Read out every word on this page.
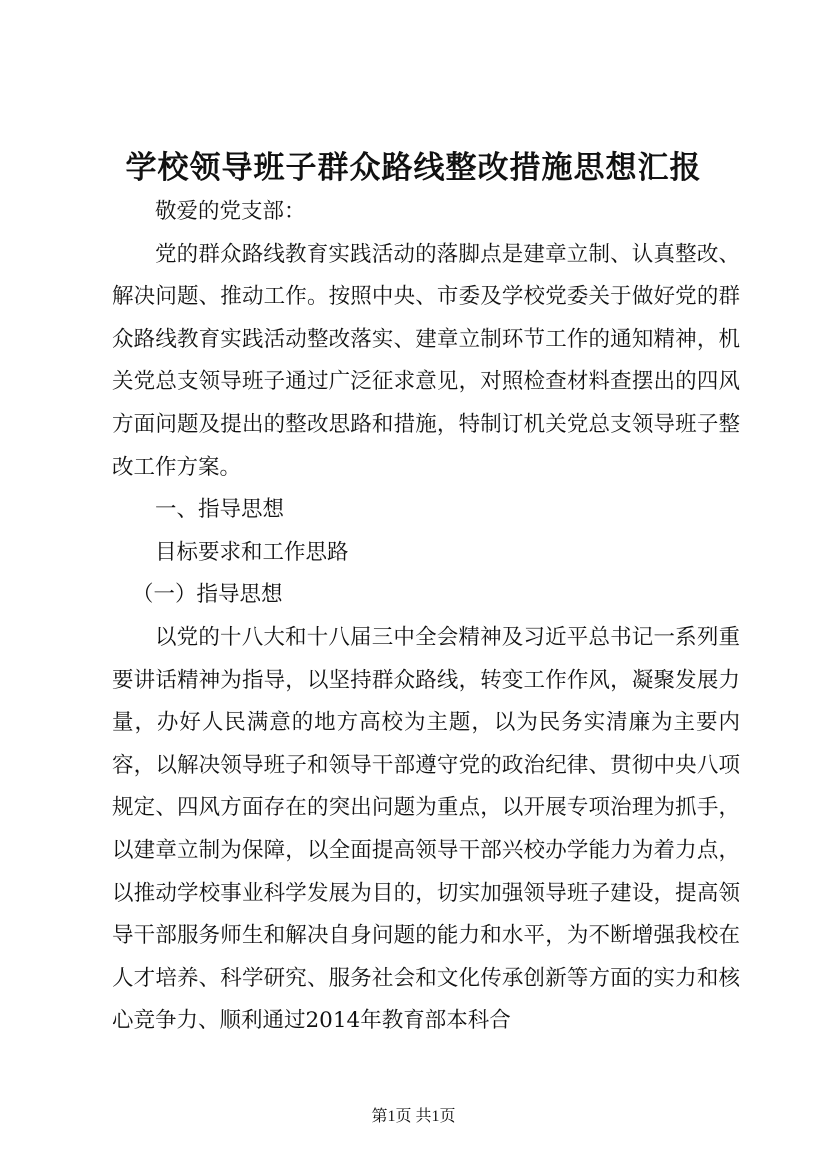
学校领导班子群众路线整改措施思想汇报

敬爱的党支部：

党的群众路线教育实践活动的落脚点是建章立制、认真整改、解决问题、推动工作。按照中央、市委及学校党委关于做好党的群众路线教育实践活动整改落实、建章立制环节工作的通知精神，机关党总支领导班子通过广泛征求意见，对照检查材料查摆出的四风方面问题及提出的整改思路和措施，特制订机关党总支领导班子整改工作方案。

一、指导思想

目标要求和工作思路

（一）指导思想

以党的十八大和十八届三中全会精神及习近平总书记一系列重要讲话精神为指导，以坚持群众路线，转变工作作风，凝聚发展力量，办好人民满意的地方高校为主题，以为民务实清廉为主要内容，以解决领导班子和领导干部遵守党的政治纪律、贯彻中央八项规定、四风方面存在的突出问题为重点，以开展专项治理为抓手，以建章立制为保障，以全面提高领导干部兴校办学能力为着力点，以推动学校事业科学发展为目的，切实加强领导班子建设，提高领导干部服务师生和解决自身问题的能力和水平，为不断增强我校在人才培养、科学研究、服务社会和文化传承创新等方面的实力和核心竞争力、顺利通过2014年教育部本科合

第1页 共1页
